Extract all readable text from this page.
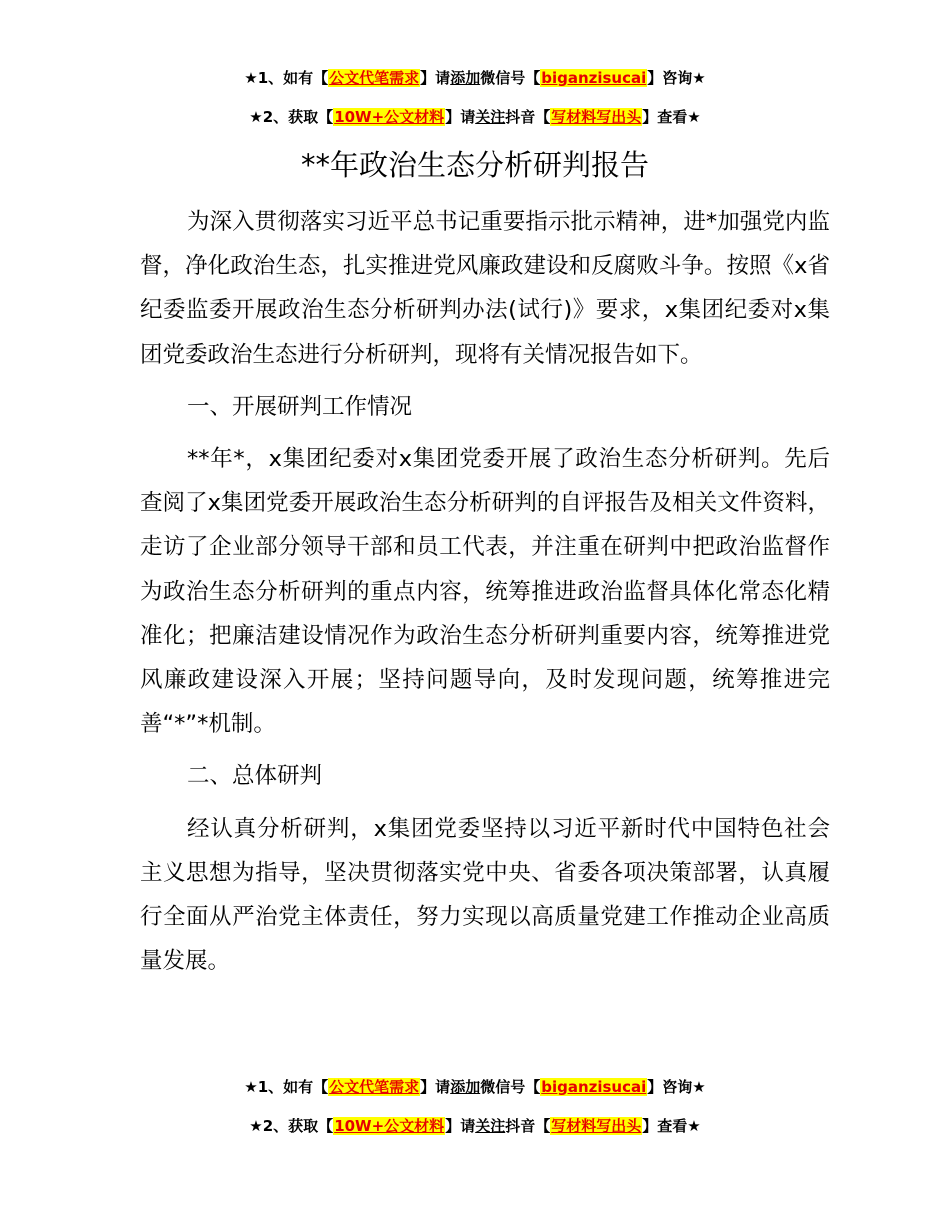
★1、如有【公文代笔需求】请添加微信号【biganzisucai】咨询★
★2、获取【10W+公文材料】请关注抖音【写材料写出头】查看★
**年政治生态分析研判报告

为深入贯彻落实习近平总书记重要指示批示精神，进*加强党内监督，净化政治生态，扎实推进党风廉政建设和反腐败斗争。按照《x省纪委监委开展政治生态分析研判办法(试行)》要求，x集团纪委对x集团党委政治生态进行分析研判，现将有关情况报告如下。

一、开展研判工作情况

**年*，x集团纪委对x集团党委开展了政治生态分析研判。先后查阅了x集团党委开展政治生态分析研判的自评报告及相关文件资料，走访了企业部分领导干部和员工代表，并注重在研判中把政治监督作为政治生态分析研判的重点内容，统筹推进政治监督具体化常态化精准化；把廉洁建设情况作为政治生态分析研判重要内容，统筹推进党风廉政建设深入开展；坚持问题导向，及时发现问题，统筹推进完善“*”*机制。

二、总体研判

经认真分析研判，x集团党委坚持以习近平新时代中国特色社会主义思想为指导，坚决贯彻落实党中央、省委各项决策部署，认真履行全面从严治党主体责任，努力实现以高质量党建工作推动企业高质量发展。

★1、如有【公文代笔需求】请添加微信号【biganzisucai】咨询★
★2、获取【10W+公文材料】请关注抖音【写材料写出头】查看★
